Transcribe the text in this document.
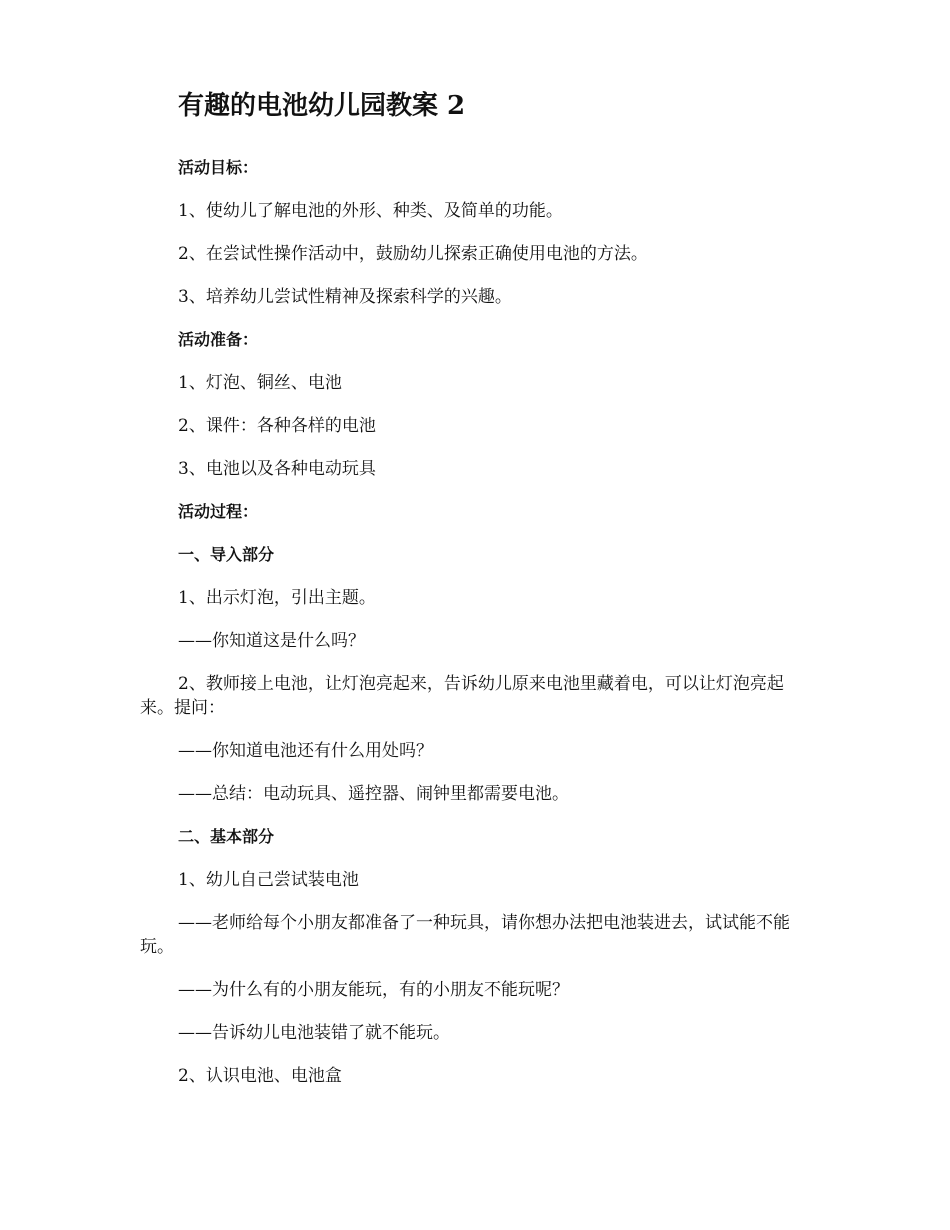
有趣的电池幼儿园教案 2

活动目标：

1、使幼儿了解电池的外形、种类、及简单的功能。

2、在尝试性操作活动中，鼓励幼儿探索正确使用电池的方法。

3、培养幼儿尝试性精神及探索科学的兴趣。

活动准备：

1、灯泡、铜丝、电池

2、课件：各种各样的电池

3、电池以及各种电动玩具

活动过程：

一、导入部分

1、出示灯泡，引出主题。

——你知道这是什么吗？

2、教师接上电池，让灯泡亮起来，告诉幼儿原来电池里藏着电，可以让灯泡亮起来。提问：

——你知道电池还有什么用处吗？

——总结：电动玩具、遥控器、闹钟里都需要电池。

二、基本部分

1、幼儿自己尝试装电池

——老师给每个小朋友都准备了一种玩具，请你想办法把电池装进去，试试能不能玩。

——为什么有的小朋友能玩，有的小朋友不能玩呢？

——告诉幼儿电池装错了就不能玩。

2、认识电池、电池盒
